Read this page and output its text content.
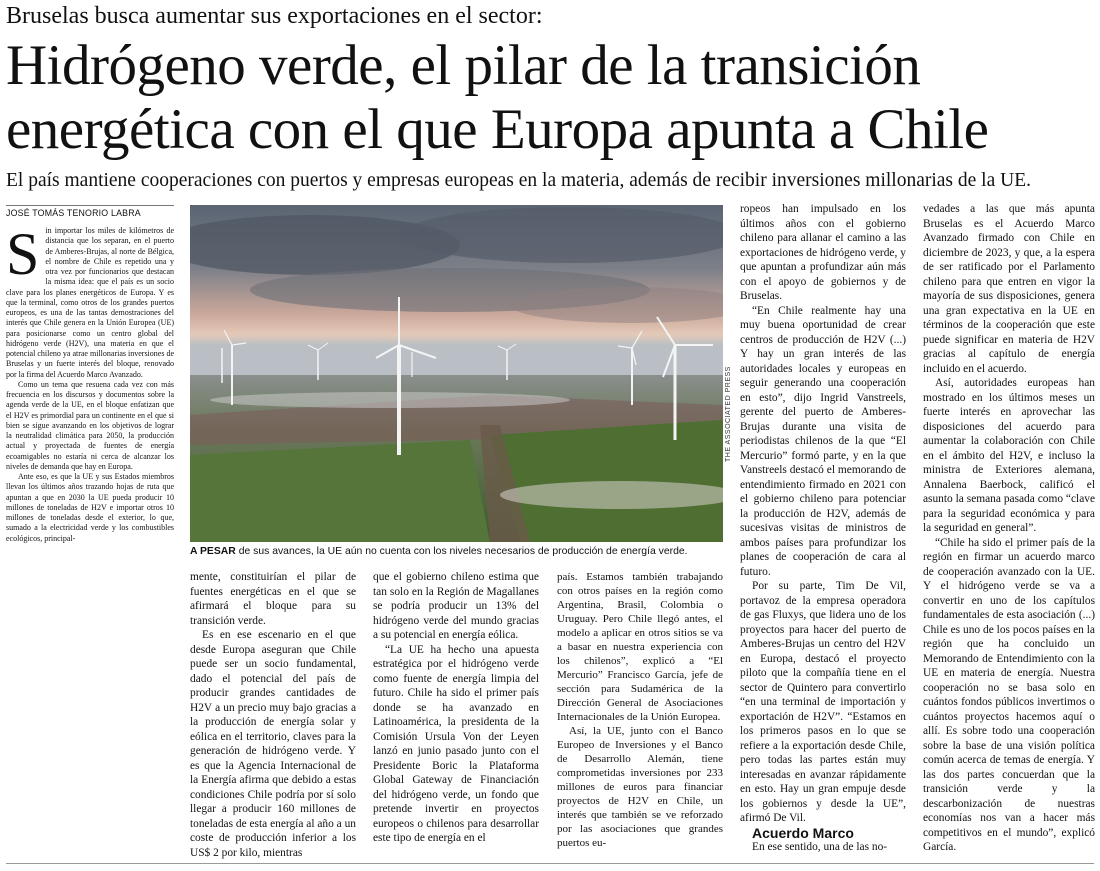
Bruselas busca aumentar sus exportaciones en el sector:
Hidrógeno verde, el pilar de la transición
energética con el que Europa apunta a Chile
El país mantiene cooperaciones con puertos y empresas europeas en la materia, además de recibir inversiones millonarias de la UE.
JOSÉ TOMÁS TENORIO LABRA

Sin importar los miles de kilómetros de distancia que los separan, en el puerto de Amberes-Brujas, al norte de Bélgica, el nombre de Chile es repetido una y otra vez por funcionarios que destacan la misma idea: que el país es un socio clave para los planes energéticos de Europa. Y es que la terminal, como otros de los grandes puertos europeos, es una de las tantas demostraciones del interés que Chile genera en la Unión Europea (UE) para posicionarse como un centro global del hidrógeno verde (H2V), una materia en que el potencial chileno ya atrae millonarias inversiones de Bruselas y un fuerte interés del bloque, renovado por la firma del Acuerdo Marco Avanzado.

Como un tema que resuena cada vez con más frecuencia en los discursos y documentos sobre la agenda verde de la UE, en el bloque enfatizan que el H2V es primordial para un continente en el que si bien se sigue avanzando en los objetivos de lograr la neutralidad climática para 2050, la producción actual y proyectada de fuentes de energía ecoamigables no estaría ni cerca de alcanzar los niveles de demanda que hay en Europa.

Ante eso, es que la UE y sus Estados miembros llevan los últimos años trazando hojas de ruta que apuntan a que en 2030 la UE pueda producir 10 millones de toneladas de H2V e importar otros 10 millones de toneladas desde el exterior, lo que, sumado a la electricidad verde y los combustibles ecológicos, principal-

THE ASSOCIATED PRESS
A PESAR de sus avances, la UE aún no cuenta con los niveles necesarios de producción de energía verde.

mente, constituirían el pilar de fuentes energéticas en el que se afirmará el bloque para su transición verde.

Es en ese escenario en el que desde Europa aseguran que Chile puede ser un socio fundamental, dado el potencial del país de producir grandes cantidades de H2V a un precio muy bajo gracias a la producción de energía solar y eólica en el territorio, claves para la generación de hidrógeno verde. Y es que la Agencia Internacional de la Energía afirma que debido a estas condiciones Chile podría por sí solo llegar a producir 160 millones de toneladas de esta energía al año a un coste de producción inferior a los US$ 2 por kilo, mientras

que el gobierno chileno estima que tan solo en la Región de Magallanes se podría producir un 13% del hidrógeno verde del mundo gracias a su potencial en energía eólica.

“La UE ha hecho una apuesta estratégica por el hidrógeno verde como fuente de energía limpia del futuro. Chile ha sido el primer país donde se ha avanzado en Latinoamérica, la presidenta de la Comisión Ursula Von der Leyen lanzó en junio pasado junto con el Presidente Boric la Plataforma Global Gateway de Financiación del hidrógeno verde, un fondo que pretende invertir en proyectos europeos o chilenos para desarrollar este tipo de energía en el

país. Estamos también trabajando con otros países en la región como Argentina, Brasil, Colombia o Uruguay. Pero Chile llegó antes, el modelo a aplicar en otros sitios se va a basar en nuestra experiencia con los chilenos”, explicó a “El Mercurio” Francisco García, jefe de sección para Sudamérica de la Dirección General de Asociaciones Internacionales de la Unión Europea.

Así, la UE, junto con el Banco Europeo de Inversiones y el Banco de Desarrollo Alemán, tiene comprometidas inversiones por 233 millones de euros para financiar proyectos de H2V en Chile, un interés que también se ve reforzado por las asociaciones que grandes puertos eu-

ropeos han impulsado en los últimos años con el gobierno chileno para allanar el camino a las exportaciones de hidrógeno verde, y que apuntan a profundizar aún más con el apoyo de gobiernos y de Bruselas.

“En Chile realmente hay una muy buena oportunidad de crear centros de producción de H2V (...) Y hay un gran interés de las autoridades locales y europeas en seguir generando una cooperación en esto”, dijo Ingrid Vanstreels, gerente del puerto de Amberes-Brujas durante una visita de periodistas chilenos de la que “El Mercurio” formó parte, y en la que Vanstreels destacó el memorando de entendimiento firmado en 2021 con el gobierno chileno para potenciar la producción de H2V, además de sucesivas visitas de ministros de ambos países para profundizar los planes de cooperación de cara al futuro.

Por su parte, Tim De Vil, portavoz de la empresa operadora de gas Fluxys, que lidera uno de los proyectos para hacer del puerto de Amberes-Brujas un centro del H2V en Europa, destacó el proyecto piloto que la compañía tiene en el sector de Quintero para convertirlo “en una terminal de importación y exportación de H2V”. “Estamos en los primeros pasos en lo que se refiere a la exportación desde Chile, pero todas las partes están muy interesadas en avanzar rápidamente en esto. Hay un gran empuje desde los gobiernos y desde la UE”, afirmó De Vil.

Acuerdo Marco

En ese sentido, una de las no-

vedades a las que más apunta Bruselas es el Acuerdo Marco Avanzado firmado con Chile en diciembre de 2023, y que, a la espera de ser ratificado por el Parlamento chileno para que entren en vigor la mayoría de sus disposiciones, genera una gran expectativa en la UE en términos de la cooperación que este puede significar en materia de H2V gracias al capítulo de energía incluido en el acuerdo.

Así, autoridades europeas han mostrado en los últimos meses un fuerte interés en aprovechar las disposiciones del acuerdo para aumentar la colaboración con Chile en el ámbito del H2V, e incluso la ministra de Exteriores alemana, Annalena Baerbock, calificó el asunto la semana pasada como “clave para la seguridad económica y para la seguridad en general”.

“Chile ha sido el primer país de la región en firmar un acuerdo marco de cooperación avanzado con la UE. Y el hidrógeno verde se va a convertir en uno de los capítulos fundamentales de esta asociación (...) Chile es uno de los pocos países en la región que ha concluido un Memorando de Entendimiento con la UE en materia de energía. Nuestra cooperación no se basa solo en cuántos fondos públicos invertimos o cuántos proyectos hacemos aquí o allí. Es sobre todo una cooperación sobre la base de una visión política común acerca de temas de energía. Y las dos partes concuerdan que la transición verde y la descarbonización de nuestras economías nos van a hacer más competitivos en el mundo”, explicó García.
